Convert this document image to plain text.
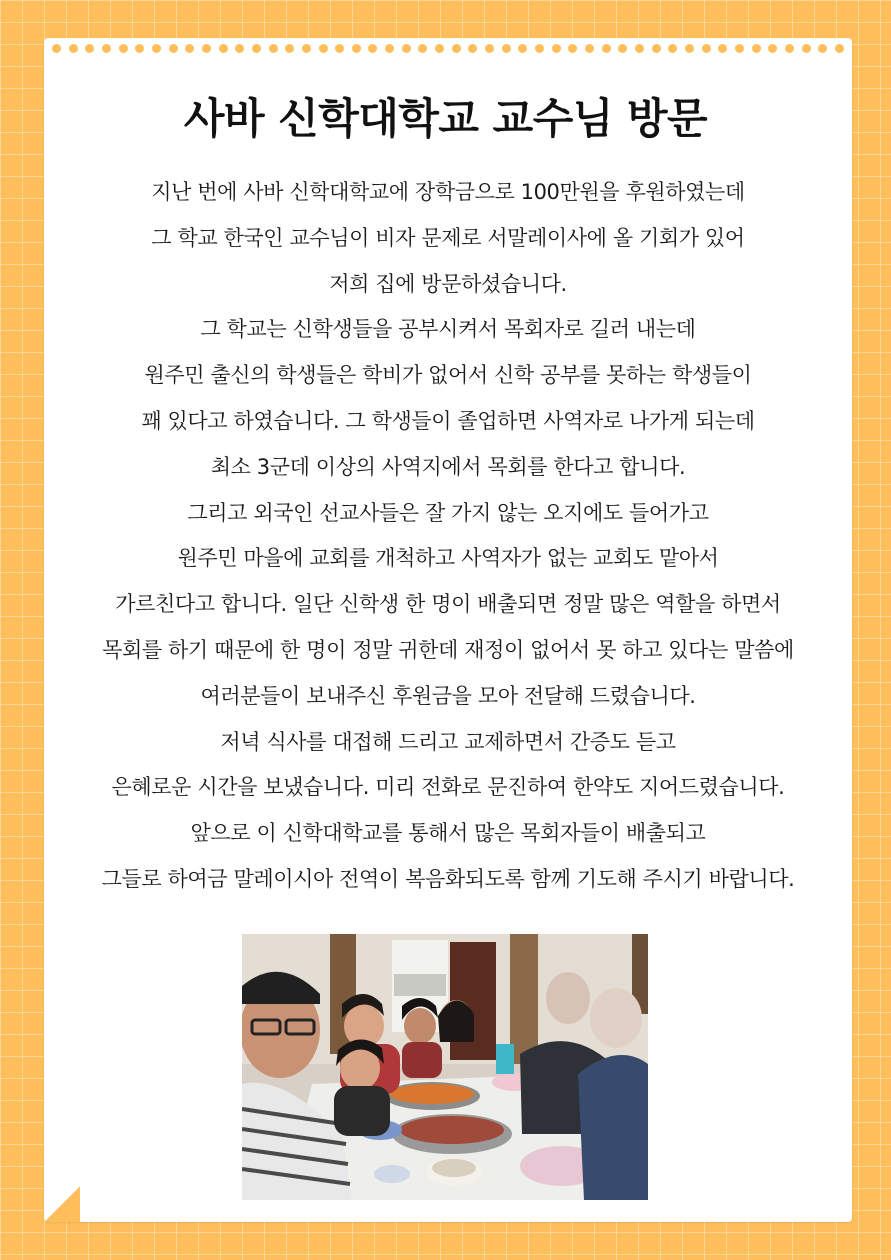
사바 신학대학교 교수님 방문
지난 번에 사바 신학대학교에 장학금으로 100만원을 후원하였는데
그 학교 한국인 교수님이 비자 문제로 서말레이사에 올 기회가 있어
저희 집에 방문하셨습니다.
그 학교는 신학생들을 공부시켜서 목회자로 길러 내는데
원주민 출신의 학생들은 학비가 없어서 신학 공부를 못하는 학생들이
꽤 있다고 하였습니다. 그 학생들이 졸업하면 사역자로 나가게 되는데
최소 3군데 이상의 사역지에서 목회를 한다고 합니다.
그리고 외국인 선교사들은 잘 가지 않는 오지에도 들어가고
원주민 마을에 교회를 개척하고 사역자가 없는 교회도 맡아서
가르친다고 합니다. 일단 신학생 한 명이 배출되면 정말 많은 역할을 하면서
목회를 하기 때문에 한 명이 정말 귀한데 재정이 없어서 못 하고 있다는 말씀에
여러분들이 보내주신 후원금을 모아 전달해 드렸습니다.
저녁 식사를 대접해 드리고 교제하면서 간증도 듣고
은혜로운 시간을 보냈습니다. 미리 전화로 문진하여 한약도 지어드렸습니다.
앞으로 이 신학대학교를 통해서 많은 목회자들이 배출되고
그들로 하여금 말레이시아 전역이 복음화되도록 함께 기도해 주시기 바랍니다.
